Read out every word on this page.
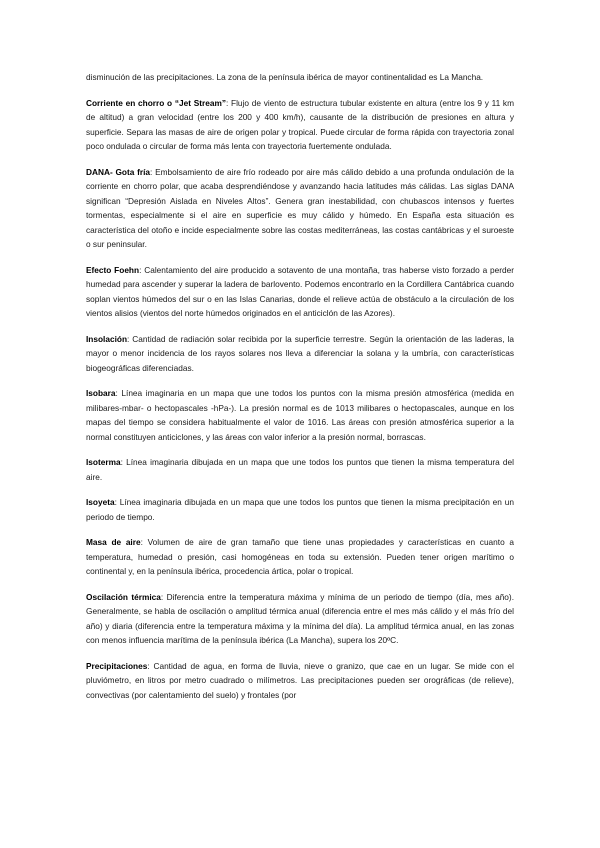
disminución de las precipitaciones. La zona de la península ibérica de mayor continentalidad es La Mancha.

Corriente en chorro o “Jet Stream”: Flujo de viento de estructura tubular existente en altura (entre los 9 y 11 km de altitud) a gran velocidad (entre los 200 y 400 km/h), causante de la distribución de presiones en altura y superficie. Separa las masas de aire de origen polar y tropical. Puede circular de forma rápida con trayectoria zonal poco ondulada o circular de forma más lenta con trayectoria fuertemente ondulada.

DANA- Gota fría: Embolsamiento de aire frío rodeado por aire más cálido debido a una profunda ondulación de la corriente en chorro polar, que acaba desprendiéndose y avanzando hacia latitudes más cálidas. Las siglas DANA significan “Depresión Aislada en Niveles Altos”. Genera gran inestabilidad, con chubascos intensos y fuertes tormentas, especialmente si el aire en superficie es muy cálido y húmedo. En España esta situación es característica del otoño e incide especialmente sobre las costas mediterráneas, las costas cantábricas y el suroeste o sur peninsular.

Efecto Foehn: Calentamiento del aire producido a sotavento de una montaña, tras haberse visto forzado a perder humedad para ascender y superar la ladera de barlovento. Podemos encontrarlo en la Cordillera Cantábrica cuando soplan vientos húmedos del sur o en las Islas Canarias, donde el relieve actúa de obstáculo a la circulación de los vientos alisios (vientos del norte húmedos originados en el anticiclón de las Azores).

Insolación: Cantidad de radiación solar recibida por la superficie terrestre. Según la orientación de las laderas, la mayor o menor incidencia de los rayos solares nos lleva a diferenciar la solana y la umbría, con características biogeográficas diferenciadas.

Isobara: Línea imaginaria en un mapa que une todos los puntos con la misma presión atmosférica (medida en milibares-mbar- o hectopascales -hPa-). La presión normal es de 1013 milibares o hectopascales, aunque en los mapas del tiempo se considera habitualmente el valor de 1016. Las áreas con presión atmosférica superior a la normal constituyen anticiclones, y las áreas con valor inferior a la presión normal, borrascas.

Isoterma: Línea imaginaria dibujada en un mapa que une todos los puntos que tienen la misma temperatura del aire.

Isoyeta: Línea imaginaria dibujada en un mapa que une todos los puntos que tienen la misma precipitación en un periodo de tiempo.

Masa de aire: Volumen de aire de gran tamaño que tiene unas propiedades y características en cuanto a temperatura, humedad o presión, casi homogéneas en toda su extensión. Pueden tener origen marítimo o continental y, en la península ibérica, procedencia ártica, polar o tropical.

Oscilación térmica: Diferencia entre la temperatura máxima y mínima de un periodo de tiempo (día, mes año). Generalmente, se habla de oscilación o amplitud térmica anual (diferencia entre el mes más cálido y el más frío del año) y diaria (diferencia entre la temperatura máxima y la mínima del día). La amplitud térmica anual, en las zonas con menos influencia marítima de la península ibérica (La Mancha), supera los 20ºC.

Precipitaciones: Cantidad de agua, en forma de lluvia, nieve o granizo, que cae en un lugar. Se mide con el pluviómetro, en litros por metro cuadrado o milímetros. Las precipitaciones pueden ser orográficas (de relieve), convectivas (por calentamiento del suelo) y frontales (por
